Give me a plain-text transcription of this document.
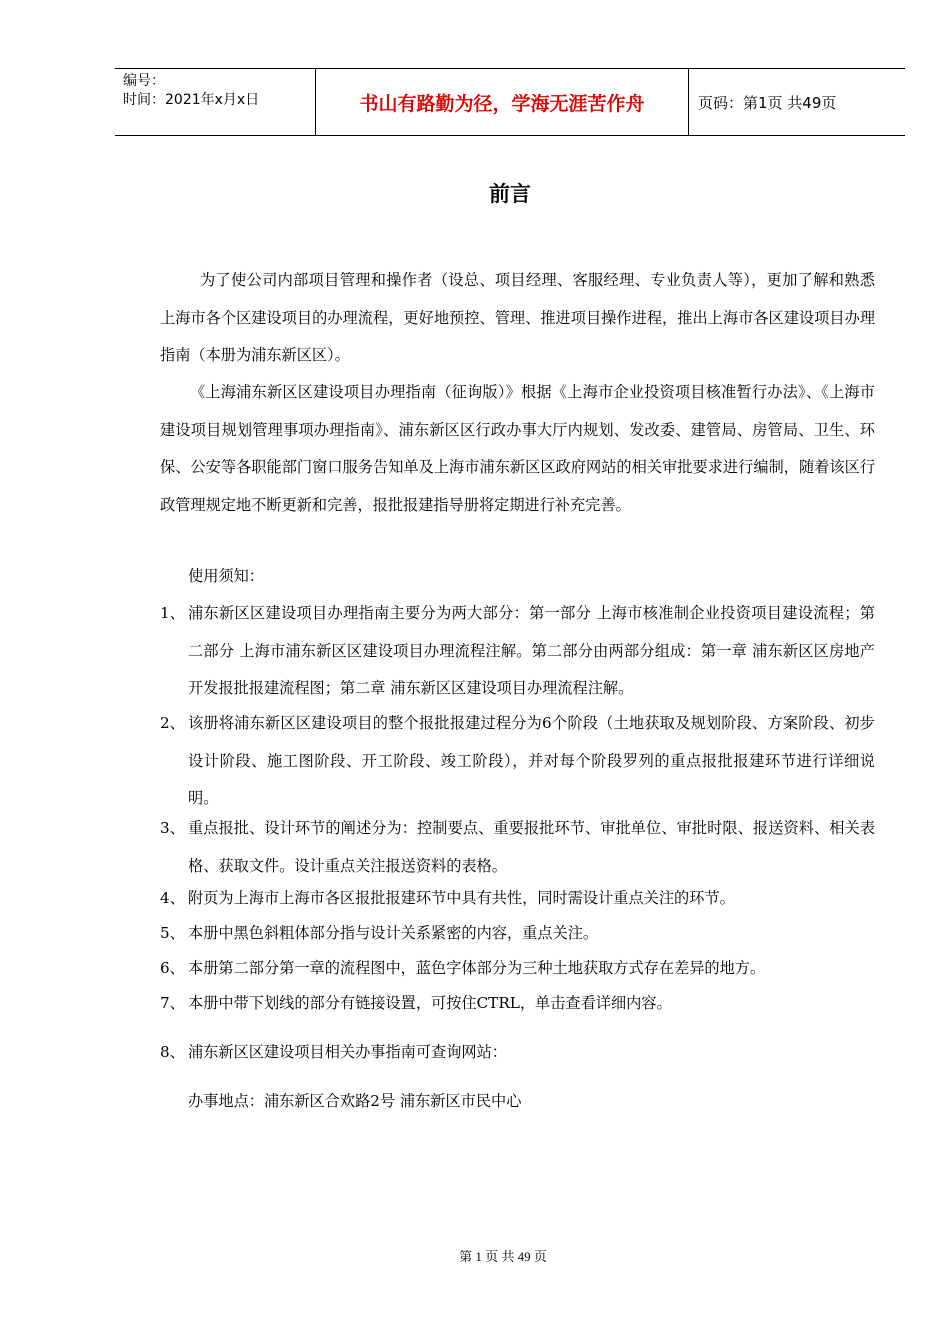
编号：
时间：2021年x月x日	书山有路勤为径，学海无涯苦作舟	页码：第1页 共49页
前言
为了使公司内部项目管理和操作者（设总、项目经理、客服经理、专业负责人等），更加了解和熟悉上海市各个区建设项目的办理流程，更好地预控、管理、推进项目操作进程，推出上海市各区建设项目办理指南（本册为浦东新区区）。
《上海浦东新区区建设项目办理指南（征询版）》根据《上海市企业投资项目核准暂行办法》、《上海市建设项目规划管理事项办理指南》、浦东新区区行政办事大厅内规划、发改委、建管局、房管局、卫生、环保、公安等各职能部门窗口服务告知单及上海市浦东新区区政府网站的相关审批要求进行编制，随着该区行政管理规定地不断更新和完善，报批报建指导册将定期进行补充完善。
使用须知：
1、 浦东新区区建设项目办理指南主要分为两大部分：第一部分 上海市核准制企业投资项目建设流程；第二部分 上海市浦东新区区建设项目办理流程注解。第二部分由两部分组成：第一章 浦东新区区房地产开发报批报建流程图；第二章 浦东新区区建设项目办理流程注解。
2、 该册将浦东新区区建设项目的整个报批报建过程分为6个阶段（土地获取及规划阶段、方案阶段、初步设计阶段、施工图阶段、开工阶段、竣工阶段），并对每个阶段罗列的重点报批报建环节进行详细说明。
3、 重点报批、设计环节的阐述分为：控制要点、重要报批环节、审批单位、审批时限、报送资料、相关表格、获取文件。设计重点关注报送资料的表格。
4、 附页为上海市上海市各区报批报建环节中具有共性，同时需设计重点关注的环节。
5、 本册中黑色斜粗体部分指与设计关系紧密的内容，重点关注。
6、 本册第二部分第一章的流程图中，蓝色字体部分为三种土地获取方式存在差异的地方。
7、 本册中带下划线的部分有链接设置，可按住CTRL，单击查看详细内容。
8、 浦东新区区建设项目相关办事指南可查询网站：
办事地点：浦东新区合欢路2号 浦东新区市民中心
第 1 页 共 49 页
